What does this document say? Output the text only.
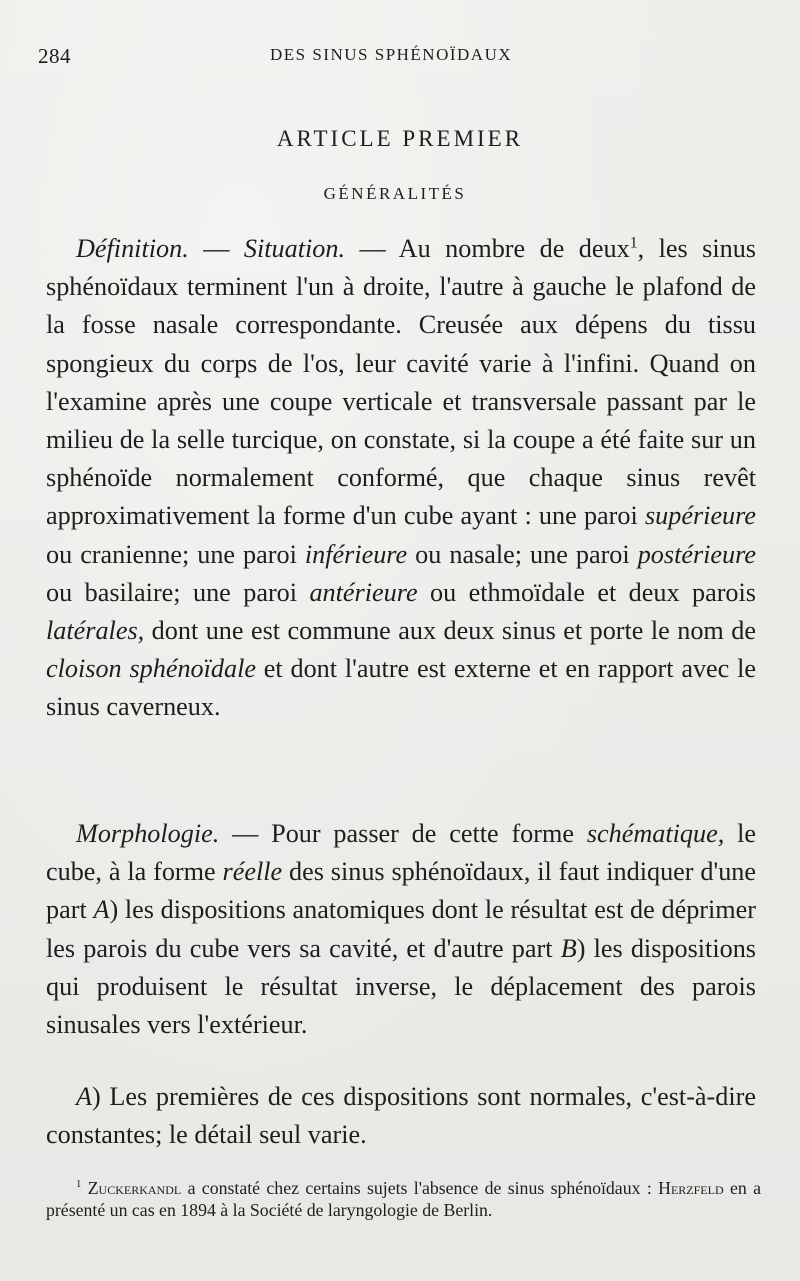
284	DES SINUS SPHÉNOÏDAUX
ARTICLE PREMIER
GÉNÉRALITÉS

Définition. — Situation. — Au nombre de deux$^1$, les sinus sphénoïdaux terminent l'un à droite, l'autre à gauche le plafond de la fosse nasale correspondante. Creusée aux dépens du tissu spongieux du corps de l'os, leur cavité varie à l'infini. Quand on l'examine après une coupe verticale et transversale passant par le milieu de la selle turcique, on constate, si la coupe a été faite sur un sphénoïde normalement conformé, que chaque sinus revêt approximativement la forme d'un cube ayant : une paroi supérieure ou cranienne; une paroi inférieure ou nasale; une paroi postérieure ou basilaire; une paroi antérieure ou ethmoïdale et deux parois latérales, dont une est commune aux deux sinus et porte le nom de cloison sphénoïdale et dont l'autre est externe et en rapport avec le sinus caverneux.

Morphologie. — Pour passer de cette forme schématique, le cube, à la forme réelle des sinus sphénoïdaux, il faut indiquer d'une part A) les dispositions anatomiques dont le résultat est de déprimer les parois du cube vers sa cavité, et d'autre part B) les dispositions qui produisent le résultat inverse, le déplacement des parois sinusales vers l'extérieur.

A) Les premières de ces dispositions sont normales, c'est-à-dire constantes; le détail seul varie.

$^1$ Zuckerkandl a constaté chez certains sujets l'absence de sinus sphénoïdaux : Herzfeld en a présenté un cas en 1894 à la Société de laryngologie de Berlin.
